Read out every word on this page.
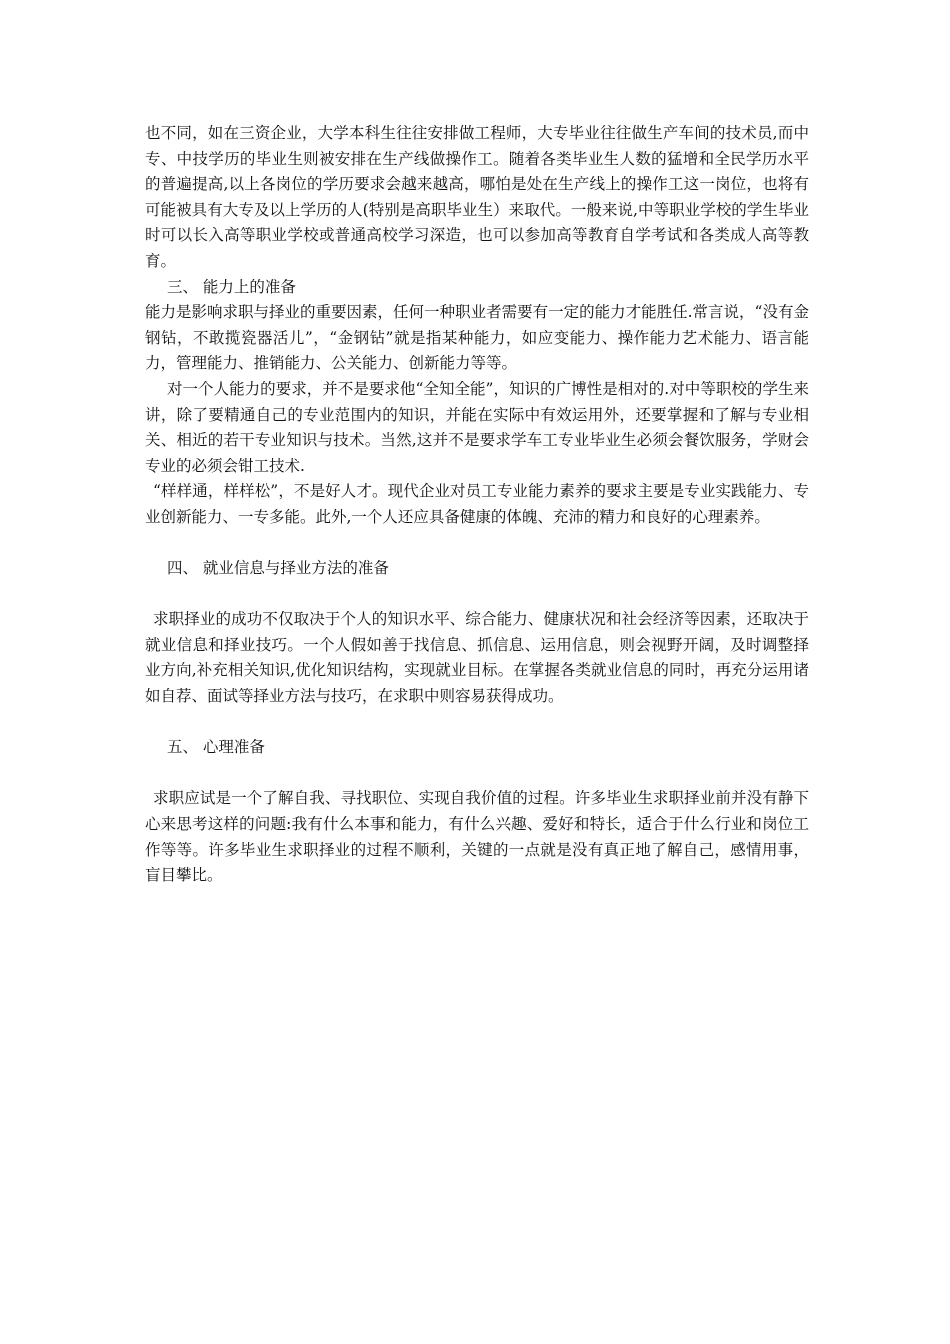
也不同，如在三资企业，大学本科生往往安排做工程师，大专毕业往往做生产车间的技术员,而中专、中技学历的毕业生则被安排在生产线做操作工。随着各类毕业生人数的猛增和全民学历水平的普遍提高,以上各岗位的学历要求会越来越高，哪怕是处在生产线上的操作工这一岗位，也将有可能被具有大专及以上学历的人(特别是高职毕业生）来取代。一般来说,中等职业学校的学生毕业时可以长入高等职业学校或普通高校学习深造，也可以参加高等教育自学考试和各类成人高等教育。

三、 能力上的准备

能力是影响求职与择业的重要因素，任何一种职业者需要有一定的能力才能胜任.常言说，“没有金钢钻，不敢揽瓷器活儿”，“金钢钻”就是指某种能力，如应变能力、操作能力艺术能力、语言能力，管理能力、推销能力、公关能力、创新能力等等。

对一个人能力的要求，并不是要求他“全知全能”，知识的广博性是相对的.对中等职校的学生来讲，除了要精通自己的专业范围内的知识，并能在实际中有效运用外，还要掌握和了解与专业相关、相近的若干专业知识与技术。当然,这并不是要求学车工专业毕业生必须会餐饮服务，学财会专业的必须会钳工技术.

“样样通，样样松”，不是好人才。现代企业对员工专业能力素养的要求主要是专业实践能力、专业创新能力、一专多能。此外,一个人还应具备健康的体魄、充沛的精力和良好的心理素养。

四、 就业信息与择业方法的准备

求职择业的成功不仅取决于个人的知识水平、综合能力、健康状况和社会经济等因素，还取决于就业信息和择业技巧。一个人假如善于找信息、抓信息、运用信息，则会视野开阔，及时调整择业方向,补充相关知识,优化知识结构，实现就业目标。在掌握各类就业信息的同时，再充分运用诸如自荐、面试等择业方法与技巧，在求职中则容易获得成功。

五、 心理准备

求职应试是一个了解自我、寻找职位、实现自我价值的过程。许多毕业生求职择业前并没有静下心来思考这样的问题:我有什么本事和能力，有什么兴趣、爱好和特长，适合于什么行业和岗位工作等等。许多毕业生求职择业的过程不顺利，关键的一点就是没有真正地了解自己，感情用事，盲目攀比。
